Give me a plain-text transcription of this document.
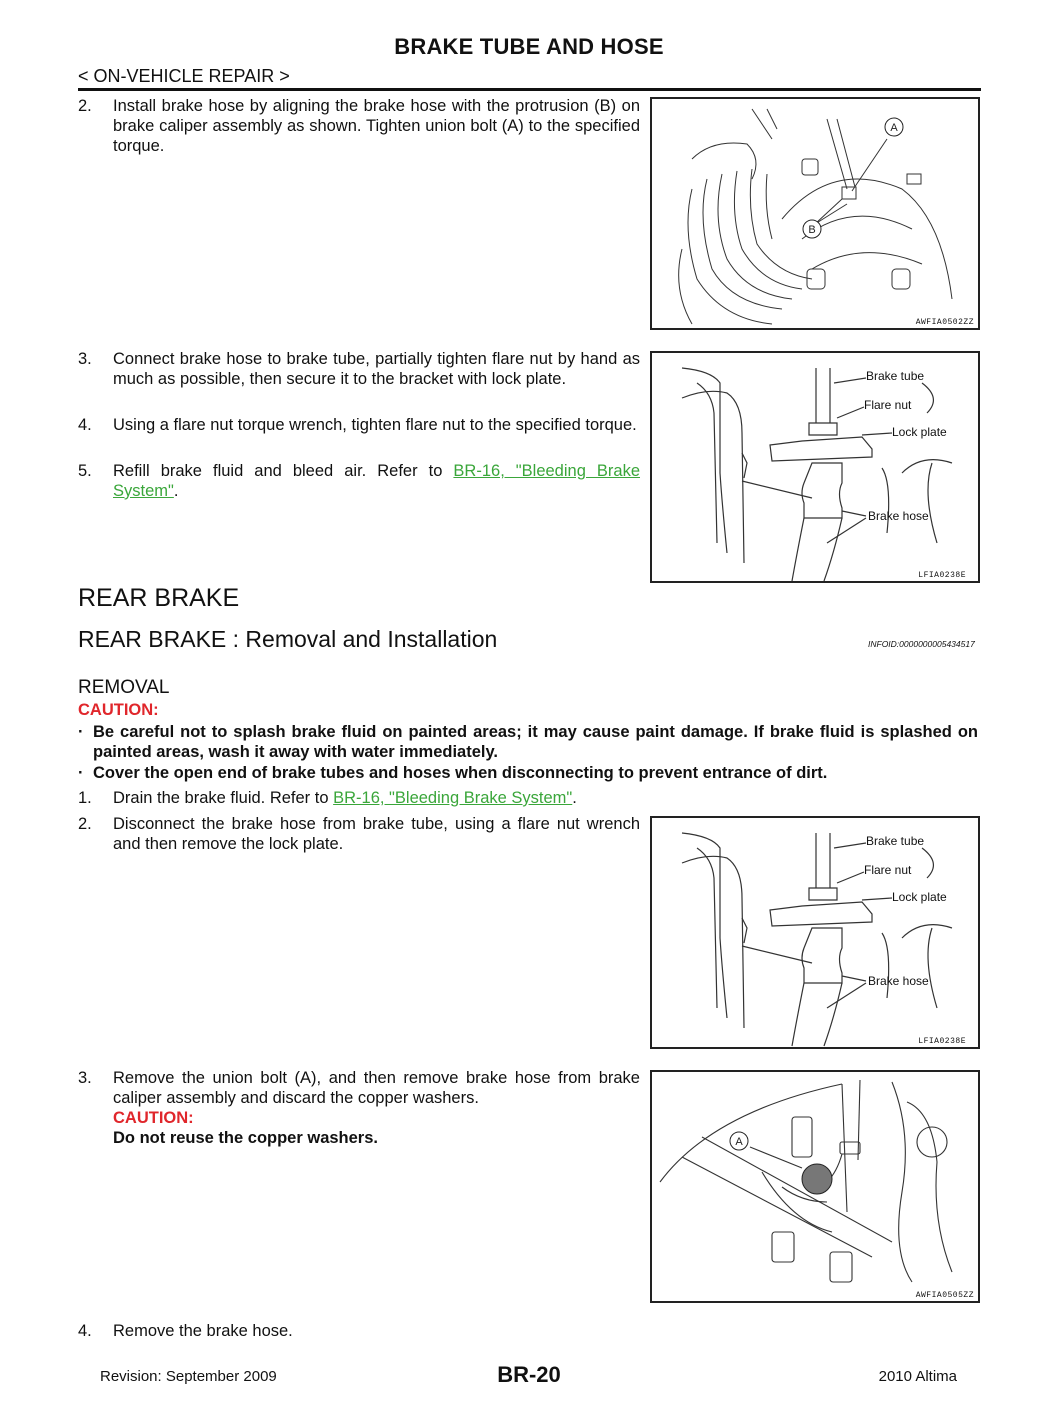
BRAKE TUBE AND HOSE
< ON-VEHICLE REPAIR >
2. Install brake hose by aligning the brake hose with the protrusion (B) on brake caliper assembly as shown. Tighten union bolt (A) to the specified torque.
A
B
AWFIA0502ZZ
3. Connect brake hose to brake tube, partially tighten flare nut by hand as much as possible, then secure it to the bracket with lock plate.
4. Using a flare nut torque wrench, tighten flare nut to the specified torque.
5. Refill brake fluid and bleed air. Refer to BR-16, "Bleeding Brake System".
Brake tube
Flare nut
Lock plate
Brake hose
LFIA0238E
REAR BRAKE
REAR BRAKE : Removal and Installation	INFOID:0000000005434517
REMOVAL
CAUTION:
· Be careful not to splash brake fluid on painted areas; it may cause paint damage. If brake fluid is splashed on painted areas, wash it away with water immediately.
· Cover the open end of brake tubes and hoses when disconnecting to prevent entrance of dirt.
1. Drain the brake fluid. Refer to BR-16, "Bleeding Brake System".
2. Disconnect the brake hose from brake tube, using a flare nut wrench and then remove the lock plate.	Brake tube
Flare nut
Lock plate
Brake hose
LFIA0238E
3. Remove the union bolt (A), and then remove brake hose from brake caliper assembly and discard the copper washers.
CAUTION:
Do not reuse the copper washers.	A
AWFIA0505ZZ
4. Remove the brake hose.
Revision: September 2009	BR-20	2010 Altima
